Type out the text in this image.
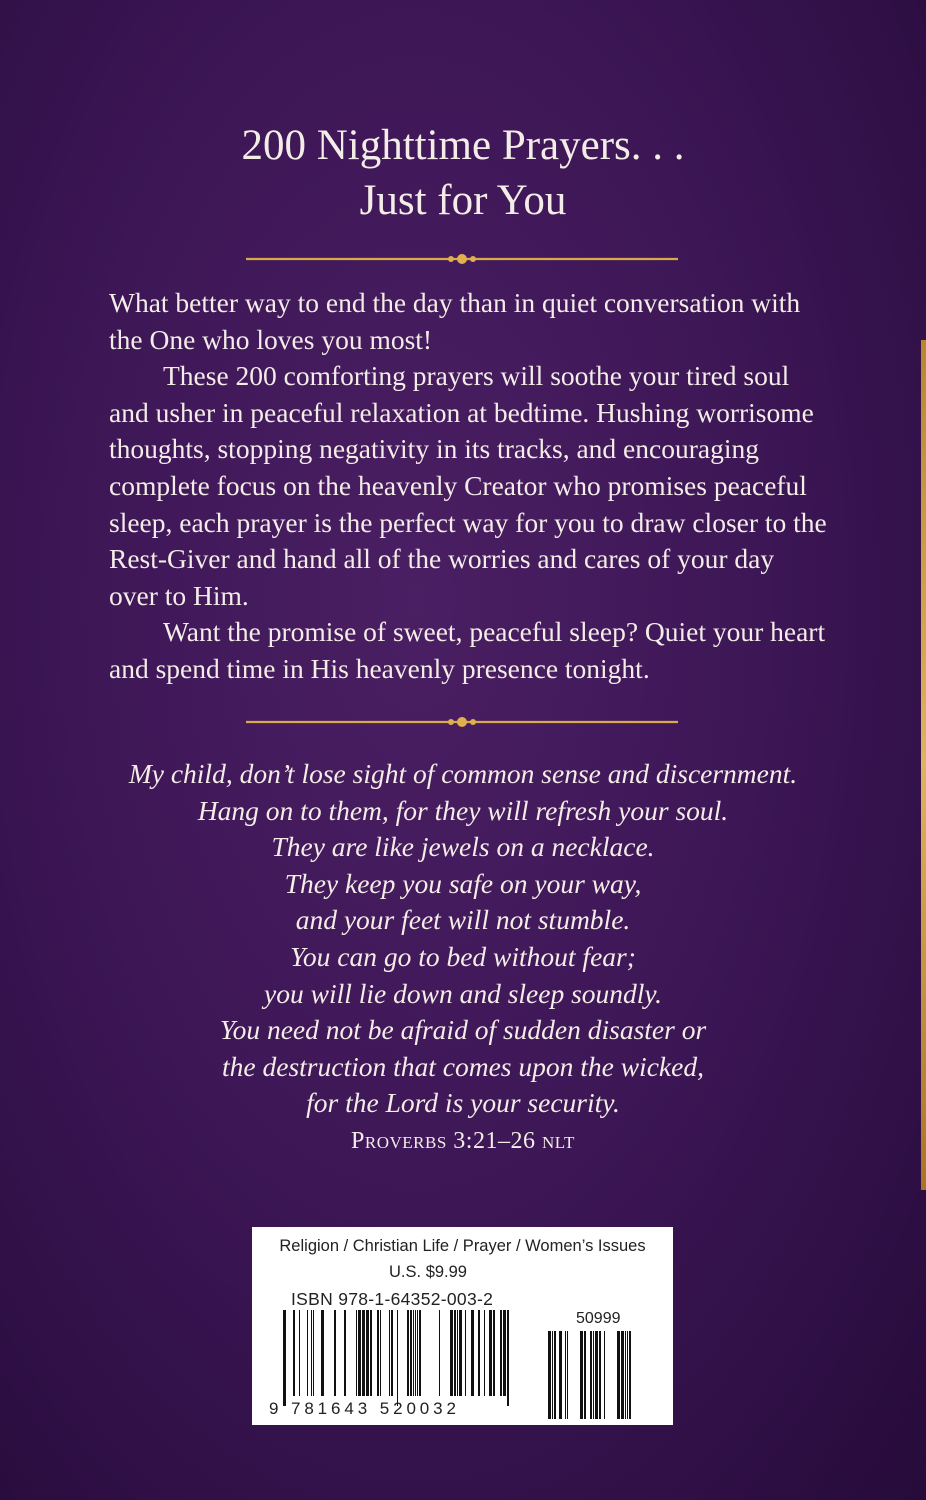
200 Nighttime Prayers. . .
Just for You

What better way to end the day than in quiet conversation with the One who loves you most!

These 200 comforting prayers will soothe your tired soul and usher in peaceful relaxation at bedtime. Hushing worrisome thoughts, stopping negativity in its tracks, and encouraging complete focus on the heavenly Creator who promises peaceful sleep, each prayer is the perfect way for you to draw closer to the Rest-Giver and hand all of the worries and cares of your day over to Him.

Want the promise of sweet, peaceful sleep? Quiet your heart and spend time in His heavenly presence tonight.

My child, don’t lose sight of common sense and discernment.
Hang on to them, for they will refresh your soul.
They are like jewels on a necklace.
They keep you safe on your way,
and your feet will not stumble.
You can go to bed without fear;
you will lie down and sleep soundly.
You need not be afraid of sudden disaster or
the destruction that comes upon the wicked,
for the Lord is your security.
Proverbs 3:21–26 nlt
Religion / Christian Life / Prayer / Women’s Issues
U.S. $9.99
ISBN 978-1-64352-003-2
50999
9 781643 520032
